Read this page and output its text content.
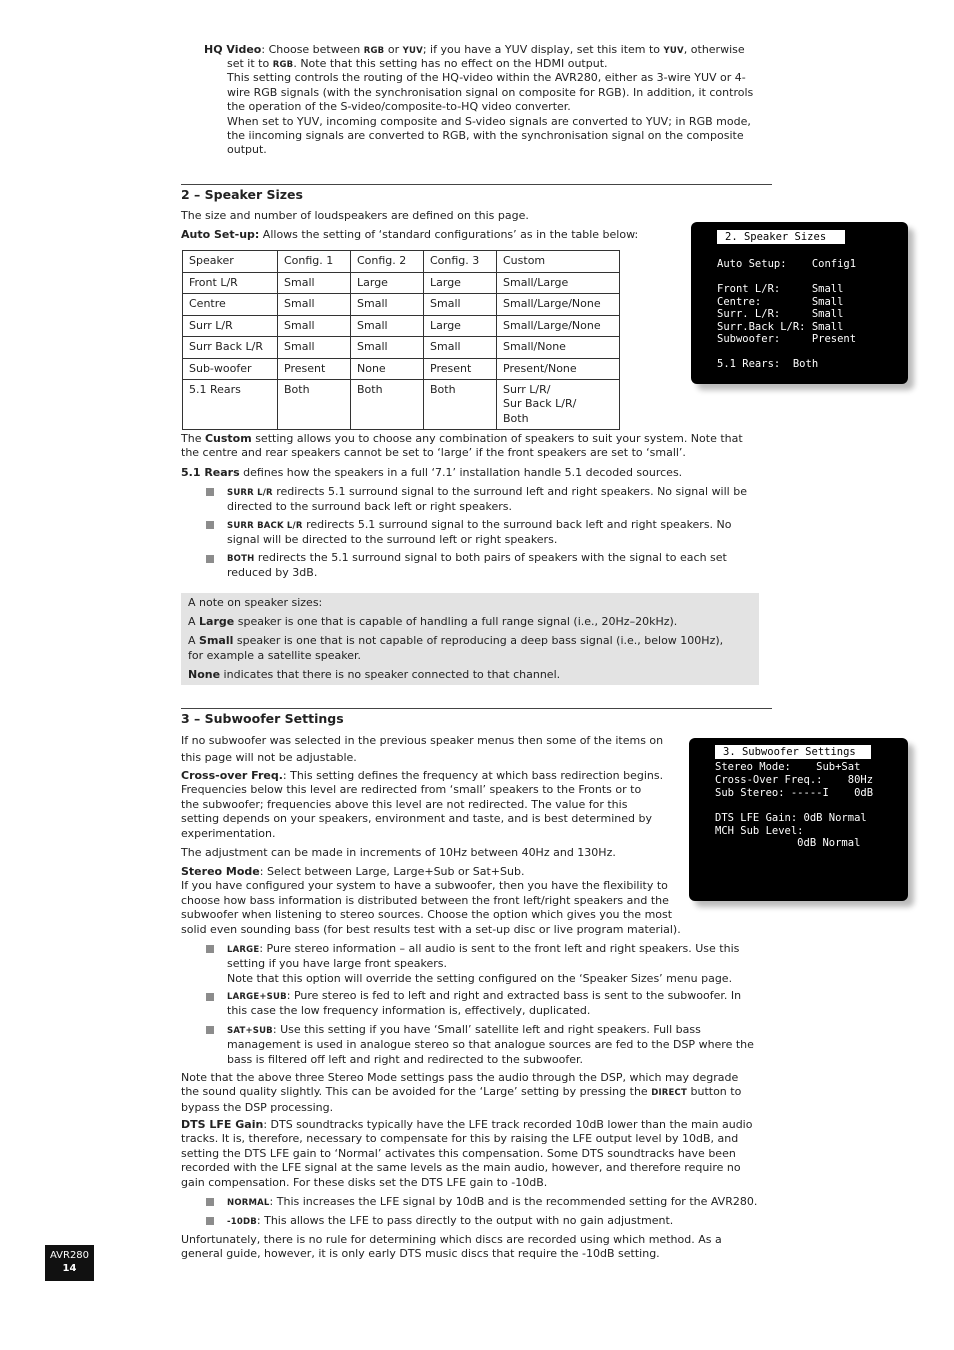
HQ Video: Choose between RGB or YUV; if you have a YUV display, set this item to YUV, otherwise
set it to RGB. Note that this setting has no effect on the HDMI output.
This setting controls the routing of the HQ-video within the AVR280, either as 3-wire YUV or 4-
wire RGB signals (with the synchronisation signal on composite for RGB). In addition, it controls
the operation of the S-video/composite-to-HQ video converter.
When set to YUV, incoming composite and S-video signals are converted to YUV; in RGB mode,
the iincoming signals are converted to RGB, with the synchronisation signal on the composite
output.
2 – Speaker Sizes
The size and number of loudspeakers are defined on this page.
Auto Set-up: Allows the setting of ‘standard configurations’ as in the table below:
Speaker	Config. 1	Config. 2	Config. 3	Custom
Front L/R	Small	Large	Large	Small/Large
Centre	Small	Small	Small	Small/Large/None
Surr L/R	Small	Small	Large	Small/Large/None
Surr Back L/R	Small	Small	Small	Small/None
Sub-woofer	Present	None	Present	Present/None
5.1 Rears	Both	Both	Both	Surr L/R/
Sur Back L/R/
Both
2. Speaker Sizes
Auto Setup:    Config1
Front L/R:     Small
Centre:        Small
Surr. L/R:     Small
Surr.Back L/R: Small
Subwoofer:     Present
5.1 Rears:  Both
The Custom setting allows you to choose any combination of speakers to suit your system. Note that
the centre and rear speakers cannot be set to ‘large’ if the front speakers are set to ‘small’.
5.1 Rears defines how the speakers in a full ‘7.1’ installation handle 5.1 decoded sources.
SURR L/R redirects 5.1 surround signal to the surround left and right speakers. No signal will be
directed to the surround back left or right speakers.
SURR BACK L/R redirects 5.1 surround signal to the surround back left and right speakers. No
signal will be directed to the surround left or right speakers.
BOTH redirects the 5.1 surround signal to both pairs of speakers with the signal to each set
reduced by 3dB.
A note on speaker sizes:
A Large speaker is one that is capable of handling a full range signal (i.e., 20Hz–20kHz).
A Small speaker is one that is not capable of reproducing a deep bass signal (i.e., below 100Hz),
for example a satellite speaker.
None indicates that there is no speaker connected to that channel.
3 – Subwoofer Settings
If no subwoofer was selected in the previous speaker menus then some of the items on
this page will not be adjustable.
Cross-over Freq.: This setting defines the frequency at which bass redirection begins.
Frequencies below this level are redirected from ‘small’ speakers to the Fronts or to
the subwoofer; frequencies above this level are not redirected. The value for this
setting depends on your speakers, environment and taste, and is best determined by
experimentation.
The adjustment can be made in increments of 10Hz between 40Hz and 130Hz.
Stereo Mode: Select between Large, Large+Sub or Sat+Sub.
If you have configured your system to have a subwoofer, then you have the flexibility to
choose how bass information is distributed between the front left/right speakers and the
subwoofer when listening to stereo sources. Choose the option which gives you the most
solid even sounding bass (for best results test with a set-up disc or live program material).
3. Subwoofer Settings
Stereo Mode:    Sub+Sat
Cross-Over Freq.:    80Hz
Sub Stereo: -----I    0dB
DTS LFE Gain: 0dB Normal
MCH Sub Level:
0dB Normal
LARGE: Pure stereo information – all audio is sent to the front left and right speakers. Use this
setting if you have large front speakers.
Note that this option will override the setting configured on the ‘Speaker Sizes’ menu page.
LARGE+SUB: Pure stereo is fed to left and right and extracted bass is sent to the subwoofer. In
this case the low frequency information is, effectively, duplicated.
SAT+SUB: Use this setting if you have ‘Small’ satellite left and right speakers. Full bass
management is used in analogue stereo so that analogue sources are fed to the DSP where the
bass is filtered off left and right and redirected to the subwoofer.
Note that the above three Stereo Mode settings pass the audio through the DSP, which may degrade
the sound quality slightly. This can be avoided for the ‘Large’ setting by pressing the DIRECT button to
bypass the DSP processing.
DTS LFE Gain: DTS soundtracks typically have the LFE track recorded 10dB lower than the main audio
tracks. It is, therefore, necessary to compensate for this by raising the LFE output level by 10dB, and
setting the DTS LFE gain to ‘Normal’ activates this compensation. Some DTS soundtracks have been
recorded with the LFE signal at the same levels as the main audio, however, and therefore require no
gain compensation. For these disks set the DTS LFE gain to -10dB.
NORMAL: This increases the LFE signal by 10dB and is the recommended setting for the AVR280.
-10DB: This allows the LFE to pass directly to the output with no gain adjustment.
Unfortunately, there is no rule for determining which discs are recorded using which method. As a
general guide, however, it is only early DTS music discs that require the -10dB setting.
AVR280
14
